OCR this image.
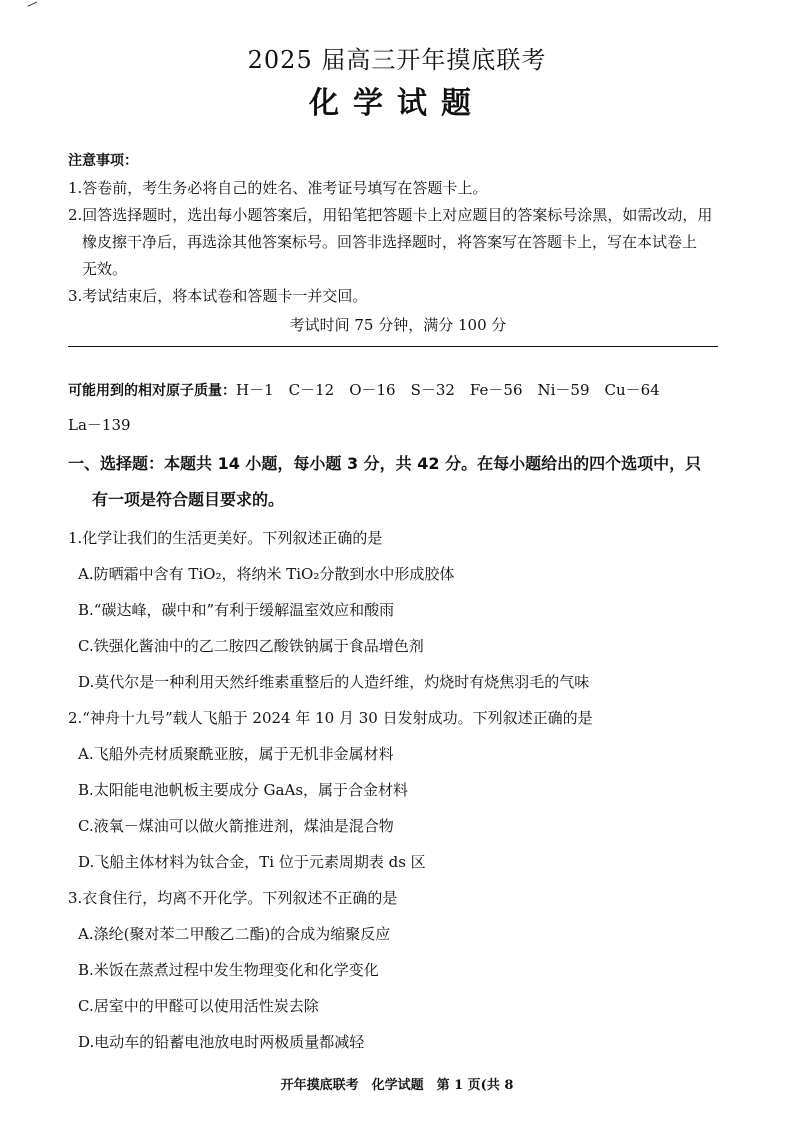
2025 届高三开年摸底联考
化学试题
注意事项：
1.答卷前，考生务必将自己的姓名、准考证号填写在答题卡上。
2.回答选择题时，选出每小题答案后，用铅笔把答题卡上对应题目的答案标号涂黑，如需改动，用
橡皮擦干净后，再选涂其他答案标号。回答非选择题时，将答案写在答题卡上，写在本试卷上
无效。
3.考试结束后，将本试卷和答题卡一并交回。
考试时间 75 分钟，满分 100 分
可能用到的相对原子质量：H－1　C－12　O－16　S－32　Fe－56　Ni－59　Cu－64
La－139
一、选择题：本题共 14 小题，每小题 3 分，共 42 分。在每小题给出的四个选项中，只
有一项是符合题目要求的。
1.化学让我们的生活更美好。下列叙述正确的是
A.防晒霜中含有 TiO₂，将纳米 TiO₂分散到水中形成胶体
B.“碳达峰，碳中和”有利于缓解温室效应和酸雨
C.铁强化酱油中的乙二胺四乙酸铁钠属于食品增色剂
D.莫代尔是一种利用天然纤维素重整后的人造纤维，灼烧时有烧焦羽毛的气味
2.“神舟十九号”载人飞船于 2024 年 10 月 30 日发射成功。下列叙述正确的是
A.飞船外壳材质聚酰亚胺，属于无机非金属材料
B.太阳能电池帆板主要成分 GaAs，属于合金材料
C.液氧－煤油可以做火箭推进剂，煤油是混合物
D.飞船主体材料为钛合金，Ti 位于元素周期表 ds 区
3.衣食住行，均离不开化学。下列叙述不正确的是
A.涤纶(聚对苯二甲酸乙二酯)的合成为缩聚反应
B.米饭在蒸煮过程中发生物理变化和化学变化
C.居室中的甲醛可以使用活性炭去除
D.电动车的铅蓄电池放电时两极质量都减轻
开年摸底联考　化学试题　第 1 页(共 8
